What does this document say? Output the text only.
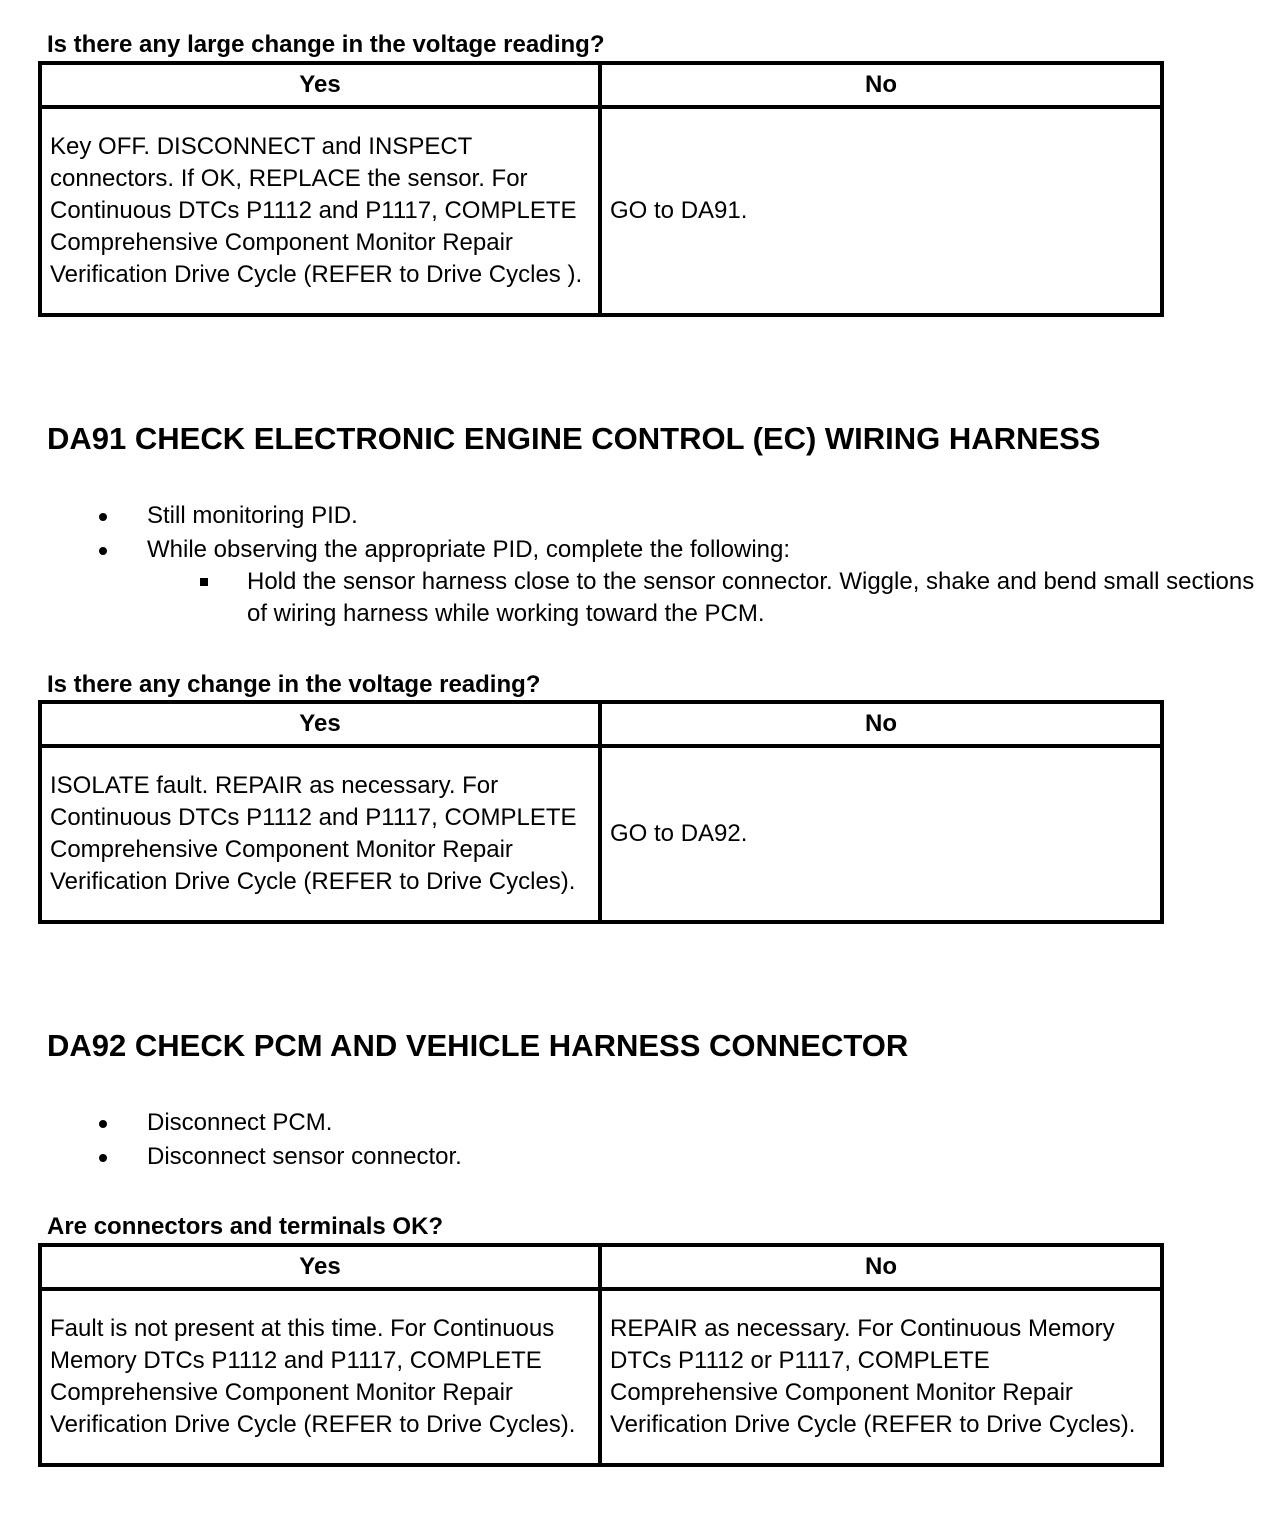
Is there any large change in the voltage reading?

Yes	No
Key OFF. DISCONNECT and INSPECT connectors. If OK, REPLACE the sensor. For Continuous DTCs P1112 and P1117, COMPLETE Comprehensive Component Monitor Repair Verification Drive Cycle (REFER to Drive Cycles ).	GO to DA91.
DA91 CHECK ELECTRONIC ENGINE CONTROL (EC) WIRING HARNESS
Still monitoring PID.
While observing the appropriate PID, complete the following:
Hold the sensor harness close to the sensor connector. Wiggle, shake and bend small sections of wiring harness while working toward the PCM.

Is there any change in the voltage reading?

Yes	No
ISOLATE fault. REPAIR as necessary. For Continuous DTCs P1112 and P1117, COMPLETE Comprehensive Component Monitor Repair Verification Drive Cycle (REFER to Drive Cycles).	GO to DA92.
DA92 CHECK PCM AND VEHICLE HARNESS CONNECTOR
Disconnect PCM.
Disconnect sensor connector.

Are connectors and terminals OK?

Yes	No
Fault is not present at this time. For Continuous Memory DTCs P1112 and P1117, COMPLETE Comprehensive Component Monitor Repair Verification Drive Cycle (REFER to Drive Cycles).	REPAIR as necessary. For Continuous Memory DTCs P1112 or P1117, COMPLETE Comprehensive Component Monitor Repair Verification Drive Cycle (REFER to Drive Cycles).
